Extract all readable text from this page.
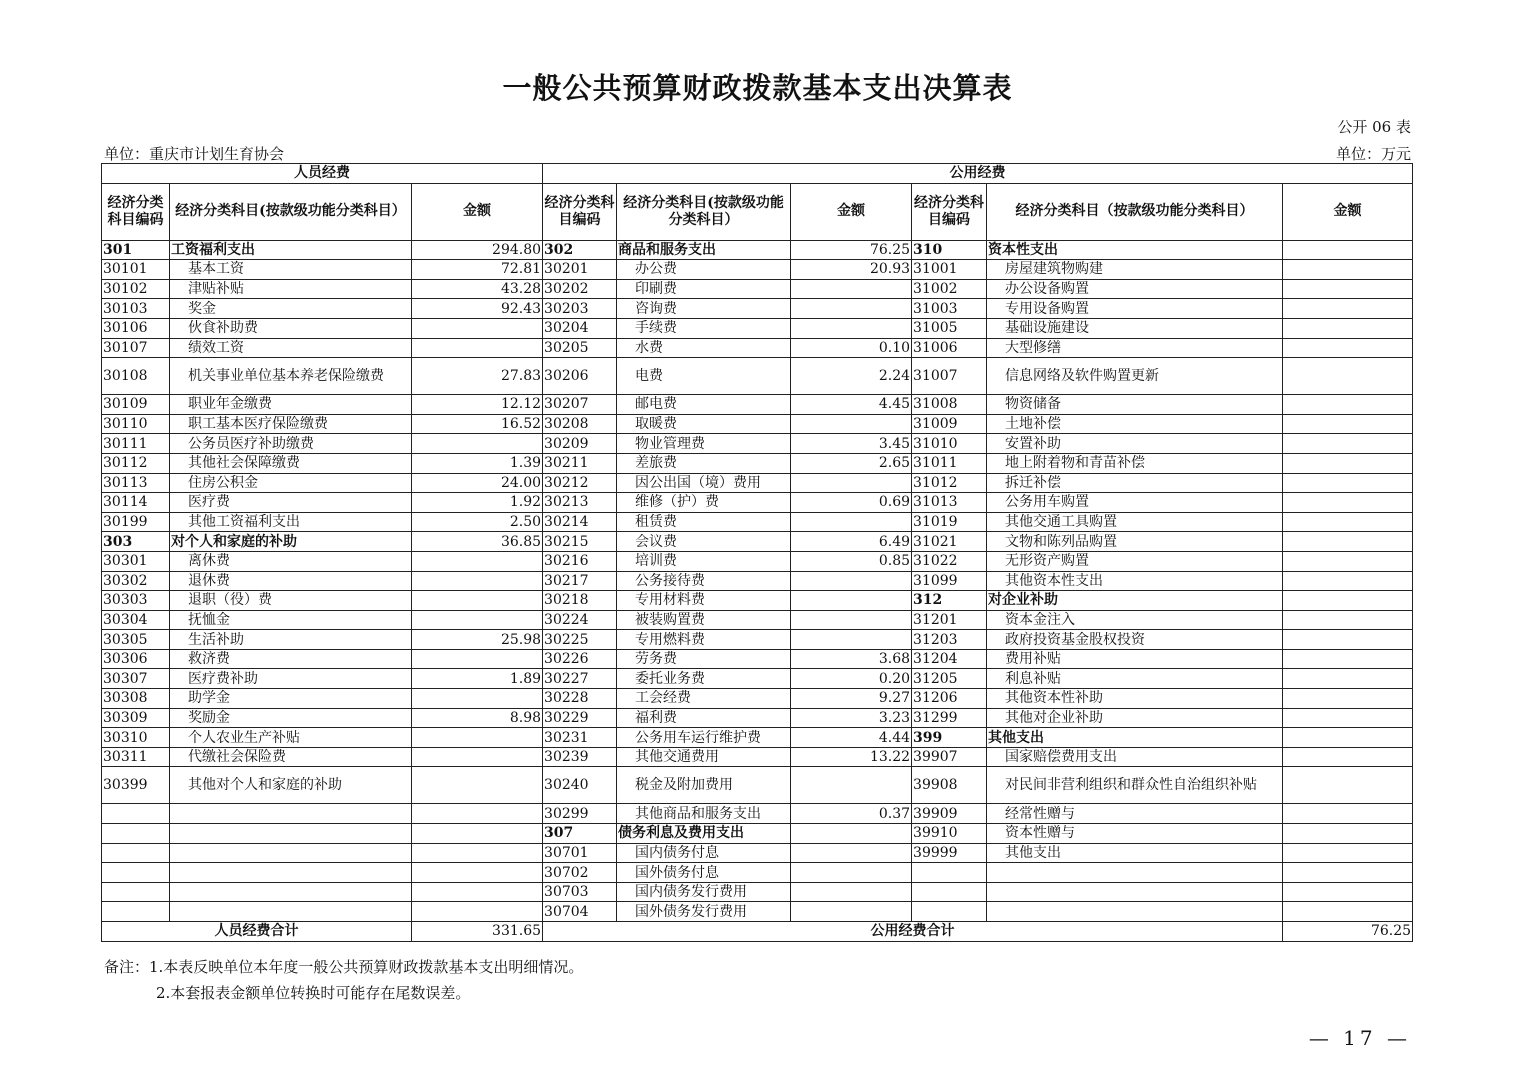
一般公共预算财政拨款基本支出决算表
公开 06 表
单位：重庆市计划生育协会	单位：万元
人员经费			公用经费					
经济分类科目编码	经济分类科目(按款级功能分类科目）	金额	经济分类科目编码	经济分类科目(按款级功能分类科目）	金额	经济分类科目编码	经济分类科目（按款级功能分类科目）	金额
301	工资福利支出	294.80	302	商品和服务支出	76.25	310	资本性支出	
30101	基本工资	72.81	30201	办公费	20.93	31001	房屋建筑物购建	
30102	津贴补贴	43.28	30202	印刷费		31002	办公设备购置	
30103	奖金	92.43	30203	咨询费		31003	专用设备购置	
30106	伙食补助费		30204	手续费		31005	基础设施建设	
30107	绩效工资		30205	水费	0.10	31006	大型修缮	
30108	机关事业单位基本养老保险缴费	27.83	30206	电费	2.24	31007	信息网络及软件购置更新	
30109	职业年金缴费	12.12	30207	邮电费	4.45	31008	物资储备	
30110	职工基本医疗保险缴费	16.52	30208	取暖费		31009	土地补偿	
30111	公务员医疗补助缴费		30209	物业管理费	3.45	31010	安置补助	
30112	其他社会保障缴费	1.39	30211	差旅费	2.65	31011	地上附着物和青苗补偿	
30113	住房公积金	24.00	30212	因公出国（境）费用		31012	拆迁补偿	
30114	医疗费	1.92	30213	维修（护）费	0.69	31013	公务用车购置	
30199	其他工资福利支出	2.50	30214	租赁费		31019	其他交通工具购置	
303	对个人和家庭的补助	36.85	30215	会议费	6.49	31021	文物和陈列品购置	
30301	离休费		30216	培训费	0.85	31022	无形资产购置	
30302	退休费		30217	公务接待费		31099	其他资本性支出	
30303	退职（役）费		30218	专用材料费		312	对企业补助	
30304	抚恤金		30224	被装购置费		31201	资本金注入	
30305	生活补助	25.98	30225	专用燃料费		31203	政府投资基金股权投资	
30306	救济费		30226	劳务费	3.68	31204	费用补贴	
30307	医疗费补助	1.89	30227	委托业务费	0.20	31205	利息补贴	
30308	助学金		30228	工会经费	9.27	31206	其他资本性补助	
30309	奖励金	8.98	30229	福利费	3.23	31299	其他对企业补助	
30310	个人农业生产补贴		30231	公务用车运行维护费	4.44	399	其他支出	
30311	代缴社会保险费		30239	其他交通费用	13.22	39907	国家赔偿费用支出	
30399	其他对个人和家庭的补助		30240	税金及附加费用		39908	对民间非营利组织和群众性自治组织补贴	
			30299	其他商品和服务支出	0.37	39909	经常性赠与	
			307	债务利息及费用支出		39910	资本性赠与	
			30701	国内债务付息		39999	其他支出	
			30702	国外债务付息				
			30703	国内债务发行费用				
			30704	国外债务发行费用				
人员经费合计		331.65	公用经费合计					76.25
备注：1.本表反映单位本年度一般公共预算财政拨款基本支出明细情况。
2.本套报表金额单位转换时可能存在尾数误差。
— 17 —
